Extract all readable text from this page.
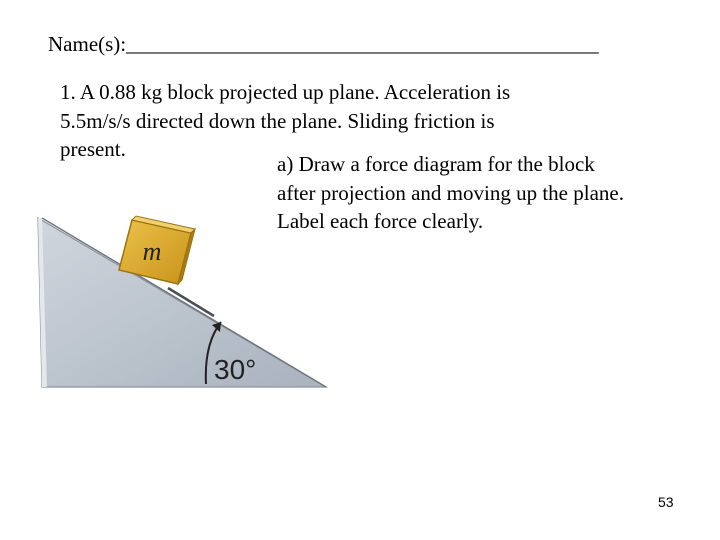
Name(s):_____________________________________________
1. A 0.88 kg block projected up plane. Acceleration is
5.5m/s/s directed down the plane. Sliding friction is
present.
a) Draw a force diagram for the block
after projection and moving up the plane.
Label each force clearly.
m
30°
53
